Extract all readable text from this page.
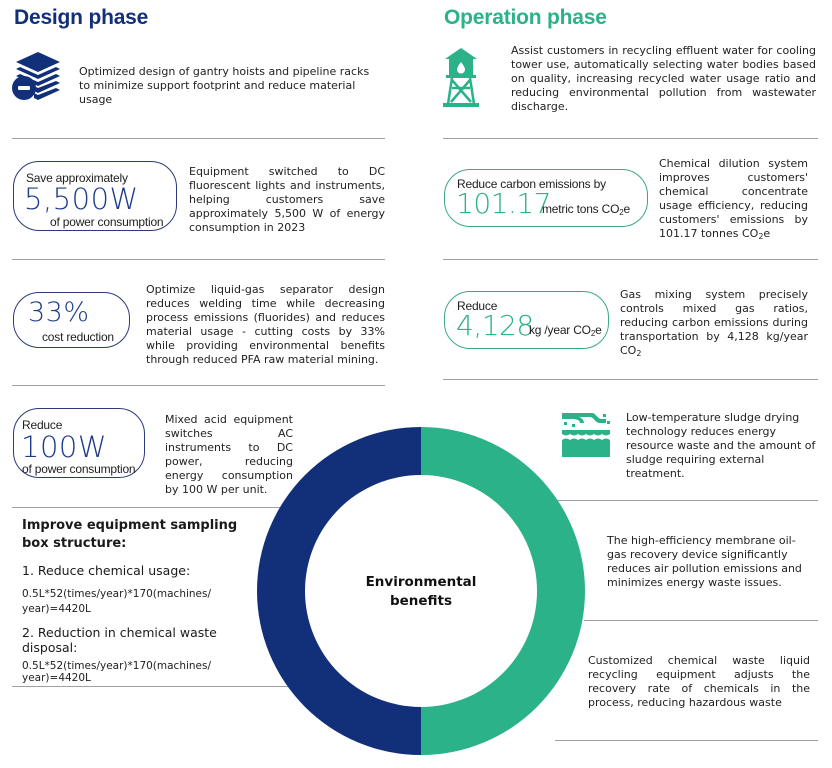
Design phase
Optimized design of gantry hoists and pipeline racks to minimize support footprint and reduce material usage
Save approximately
5,500W
of power consumption
Equipment switched to DC fluorescent lights and instruments, helping customers save approximately 5,500 W of energy consumption in 2023
33%
cost reduction
Optimize liquid-gas separator design reduces welding time while decreasing process emissions (fluorides) and reduces material usage - cutting costs by 33% while providing environmental benefits through reduced PFA raw material mining.
Reduce
100W
of power consumption
Mixed acid equipment switches AC instruments to DC power, reducing energy consumption by 100 W per unit.
Improve equipment sampling box structure:
1. Reduce chemical usage:
0.5L*52(times/year)*170(machines/ year)=4420L
2. Reduction in chemical waste disposal:
0.5L*52(times/year)*170(machines/ year)=4420L
Operation phase
Assist customers in recycling effluent water for cooling tower use, automatically selecting water bodies based on quality, increasing recycled water usage ratio and reducing environmental pollution from wastewater discharge.
Reduce carbon emissions by
101.17
metric tons $CO_2e$
Chemical dilution system improves customers' chemical concentrate usage efficiency, reducing customers' emissions by 101.17 tonnes $CO_2e$
Reduce
4,128
kg /year $CO_2e$
Gas mixing system precisely controls mixed gas ratios, reducing carbon emissions during transportation by 4,128 kg/year $CO_2$
Low-temperature sludge drying technology reduces energy resource waste and the amount of sludge requiring external treatment.
The high-efficiency membrane oil-gas recovery device significantly reduces air pollution emissions and minimizes energy waste issues.
Customized chemical waste liquid recycling equipment adjusts the recovery rate of chemicals in the process, reducing hazardous waste
Environmental
benefits
